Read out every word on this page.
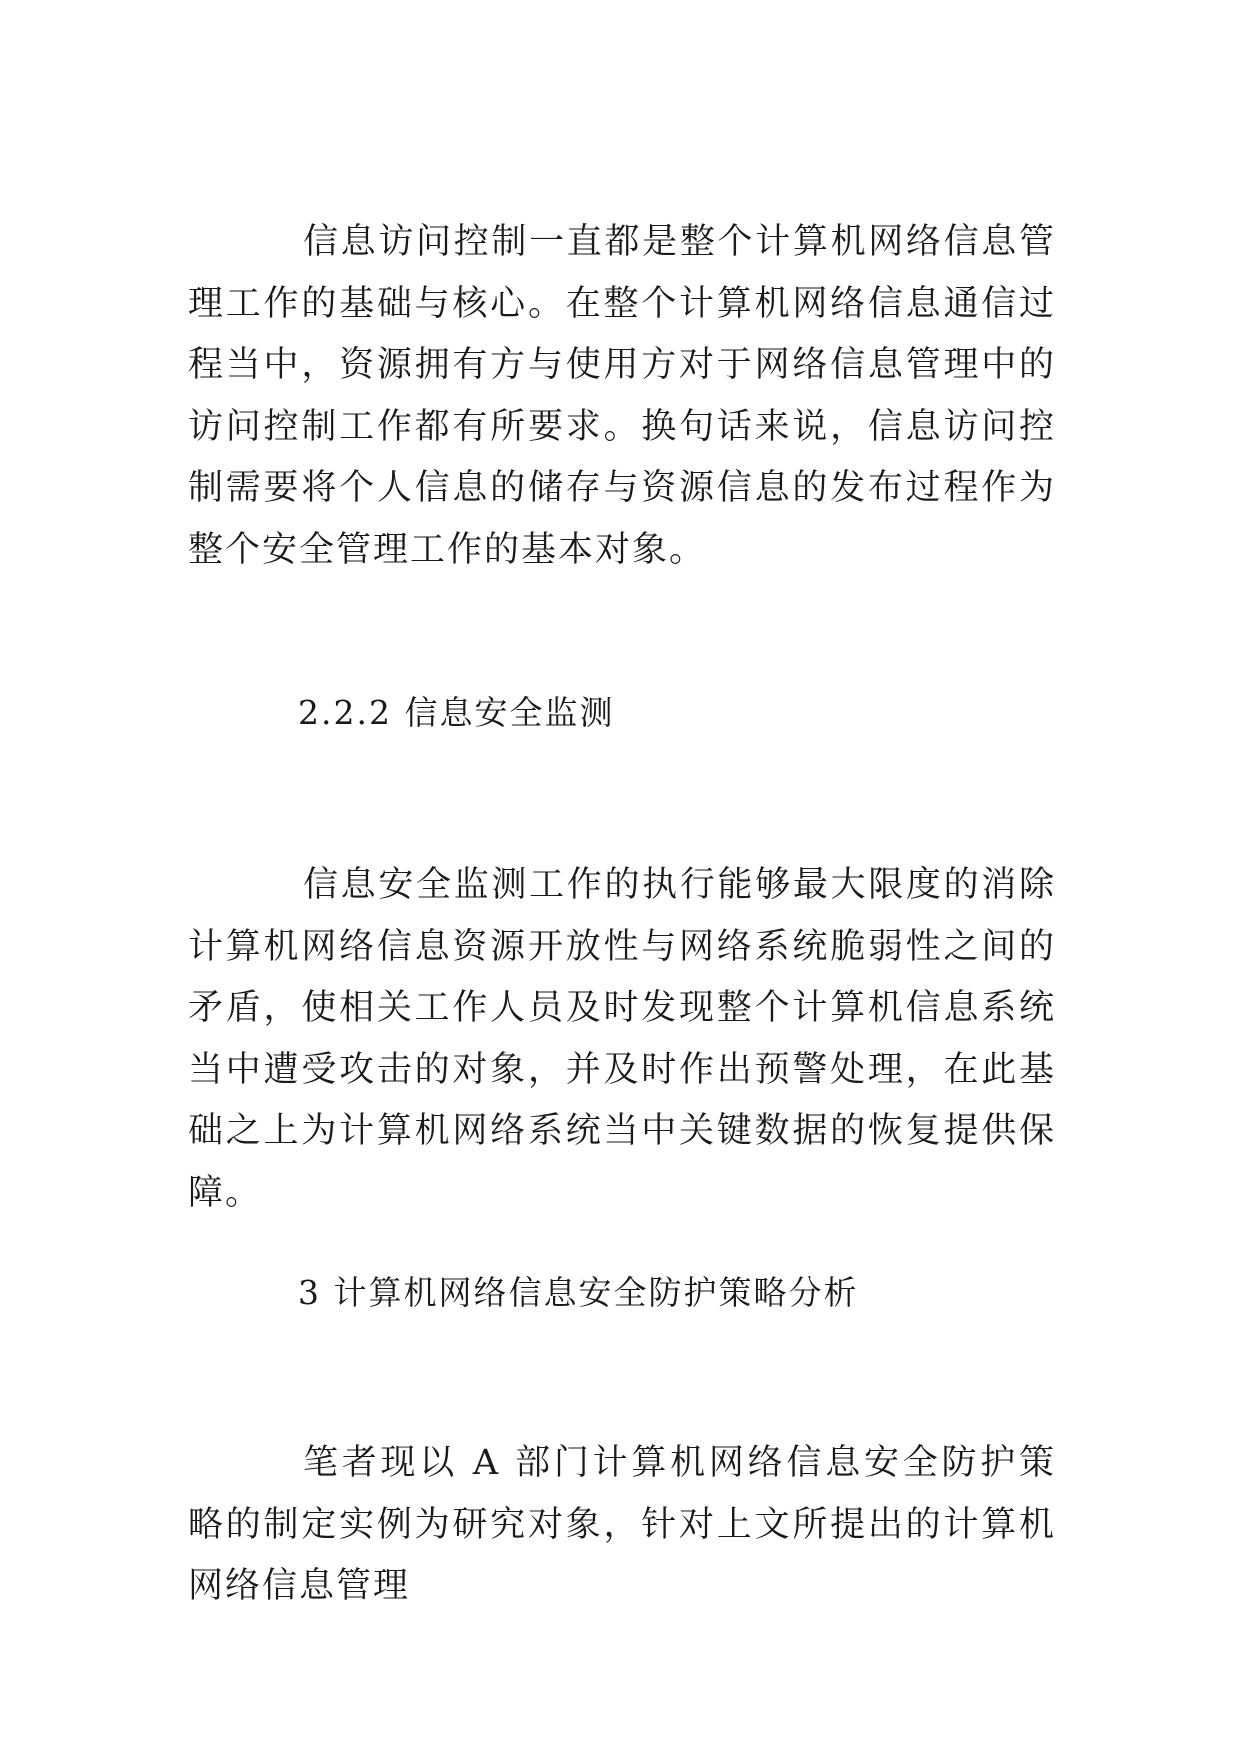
信息访问控制一直都是整个计算机网络信息管理工作的基础与核心。在整个计算机网络信息通信过程当中，资源拥有方与使用方对于网络信息管理中的访问控制工作都有所要求。换句话来说，信息访问控制需要将个人信息的储存与资源信息的发布过程作为整个安全管理工作的基本对象。

2.2.2 信息安全监测

信息安全监测工作的执行能够最大限度的消除计算机网络信息资源开放性与网络系统脆弱性之间的矛盾，使相关工作人员及时发现整个计算机信息系统当中遭受攻击的对象，并及时作出预警处理，在此基础之上为计算机网络系统当中关键数据的恢复提供保障。

3 计算机网络信息安全防护策略分析

笔者现以 A 部门计算机网络信息安全防护策略的制定实例为研究对象，针对上文所提出的计算机网络信息管理
